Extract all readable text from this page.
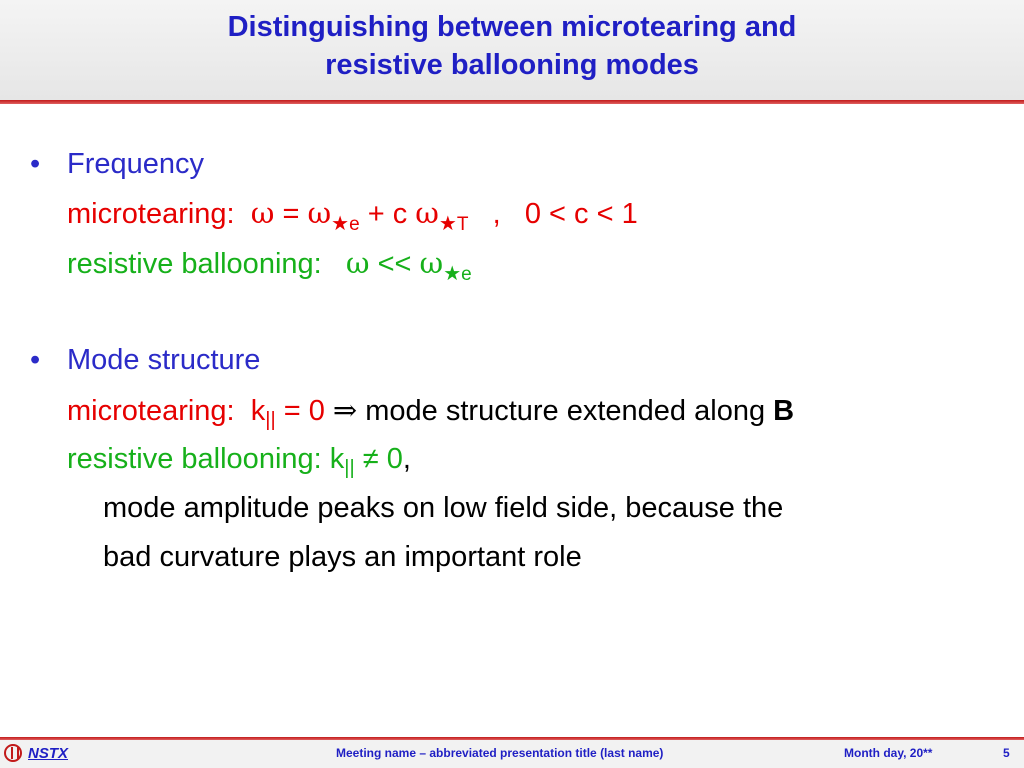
Distinguishing between microtearing and
resistive ballooning modes
• Frequency
microtearing: $\omega = \omega_{★e} + c$ $\omega_{★T}$ ,   0 < c < 1
resistive ballooning: $\omega << \omega_{★e}$
• Mode structure
microtearing: $k_{||} = 0$ ⇒ mode structure extended along B
resistive ballooning: $k_{||} \ne 0$,
mode amplitude peaks on low field side, because the
bad curvature plays an important role
NSTX	Meeting name – abbreviated presentation title (last name)	Month day, 20**	5
